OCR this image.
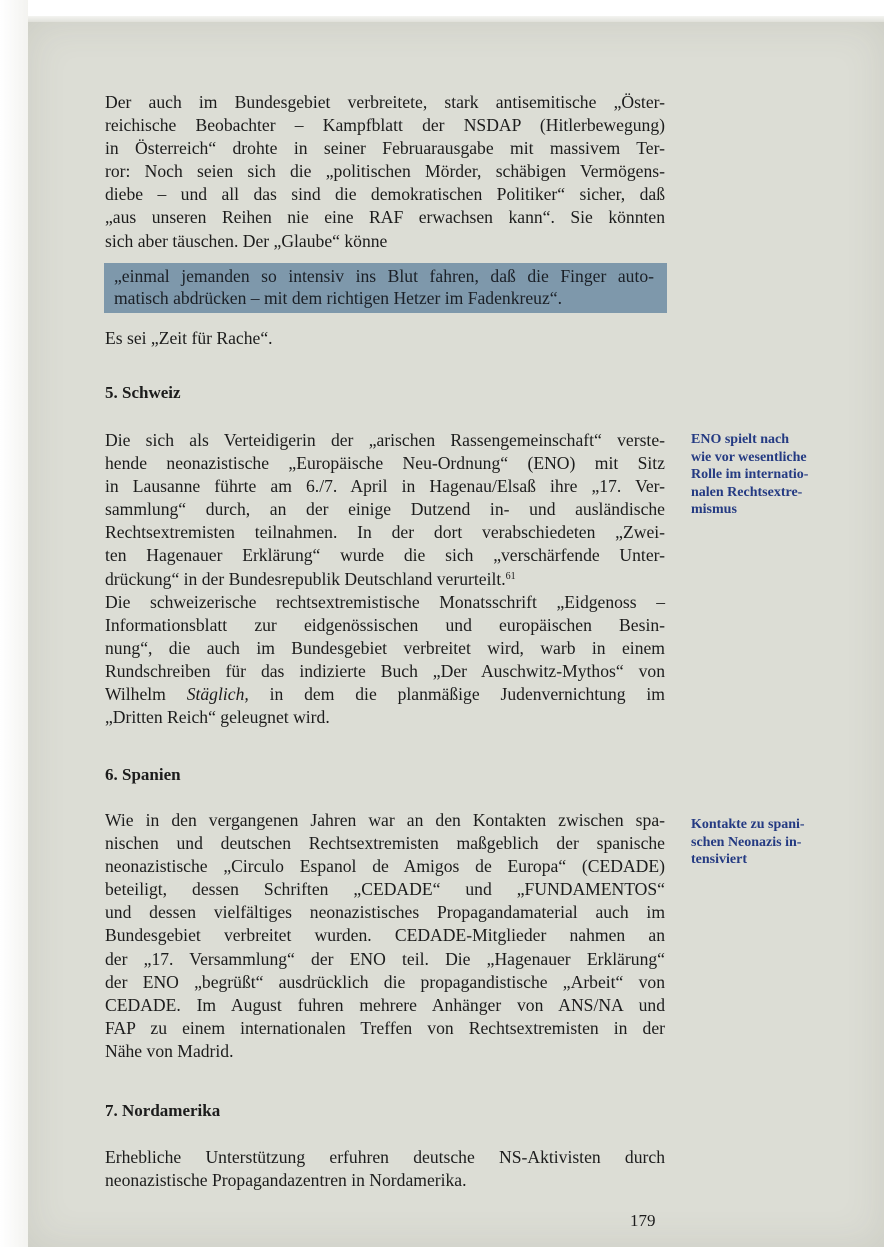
Der auch im Bundesgebiet verbreitete, stark antisemitische „Öster-
reichische Beobachter – Kampfblatt der NSDAP (Hitlerbewegung)
in Österreich“ drohte in seiner Februarausgabe mit massivem Ter-
ror: Noch seien sich die „politischen Mörder, schäbigen Vermögens-
diebe – und all das sind die demokratischen Politiker“ sicher, daß
„aus unseren Reihen nie eine RAF erwachsen kann“. Sie könnten
sich aber täuschen. Der „Glaube“ könne
„einmal jemanden so intensiv ins Blut fahren, daß die Finger auto-
matisch abdrücken – mit dem richtigen Hetzer im Fadenkreuz“.
Es sei „Zeit für Rache“.
5. Schweiz
Die sich als Verteidigerin der „arischen Rassengemeinschaft“ verste-
hende neonazistische „Europäische Neu-Ordnung“ (ENO) mit Sitz
in Lausanne führte am 6./7. April in Hagenau/Elsaß ihre „17. Ver-
sammlung“ durch, an der einige Dutzend in- und ausländische
Rechtsextremisten teilnahmen. In der dort verabschiedeten „Zwei-
ten Hagenauer Erklärung“ wurde die sich „verschärfende Unter-
drückung“ in der Bundesrepublik Deutschland verurteilt.$^{61}$
Die schweizerische rechtsextremistische Monatsschrift „Eidgenoss –
Informationsblatt zur eidgenössischen und europäischen Besin-
nung“, die auch im Bundesgebiet verbreitet wird, warb in einem
Rundschreiben für das indizierte Buch „Der Auschwitz-Mythos“ von
Wilhelm Stäglich, in dem die planmäßige Judenvernichtung im
„Dritten Reich“ geleugnet wird.
ENO spielt nach
wie vor wesentliche
Rolle im internatio-
nalen Rechtsextre-
mismus
6. Spanien
Wie in den vergangenen Jahren war an den Kontakten zwischen spa-
nischen und deutschen Rechtsextremisten maßgeblich der spanische
neonazistische „Circulo Espanol de Amigos de Europa“ (CEDADE)
beteiligt, dessen Schriften „CEDADE“ und „FUNDAMENTOS“
und dessen vielfältiges neonazistisches Propagandamaterial auch im
Bundesgebiet verbreitet wurden. CEDADE-Mitglieder nahmen an
der „17. Versammlung“ der ENO teil. Die „Hagenauer Erklärung“
der ENO „begrüßt“ ausdrücklich die propagandistische „Arbeit“ von
CEDADE. Im August fuhren mehrere Anhänger von ANS/NA und
FAP zu einem internationalen Treffen von Rechtsextremisten in der
Nähe von Madrid.
Kontakte zu spani-
schen Neonazis in-
tensiviert
7. Nordamerika
Erhebliche Unterstützung erfuhren deutsche NS-Aktivisten durch
neonazistische Propagandazentren in Nordamerika.
179
